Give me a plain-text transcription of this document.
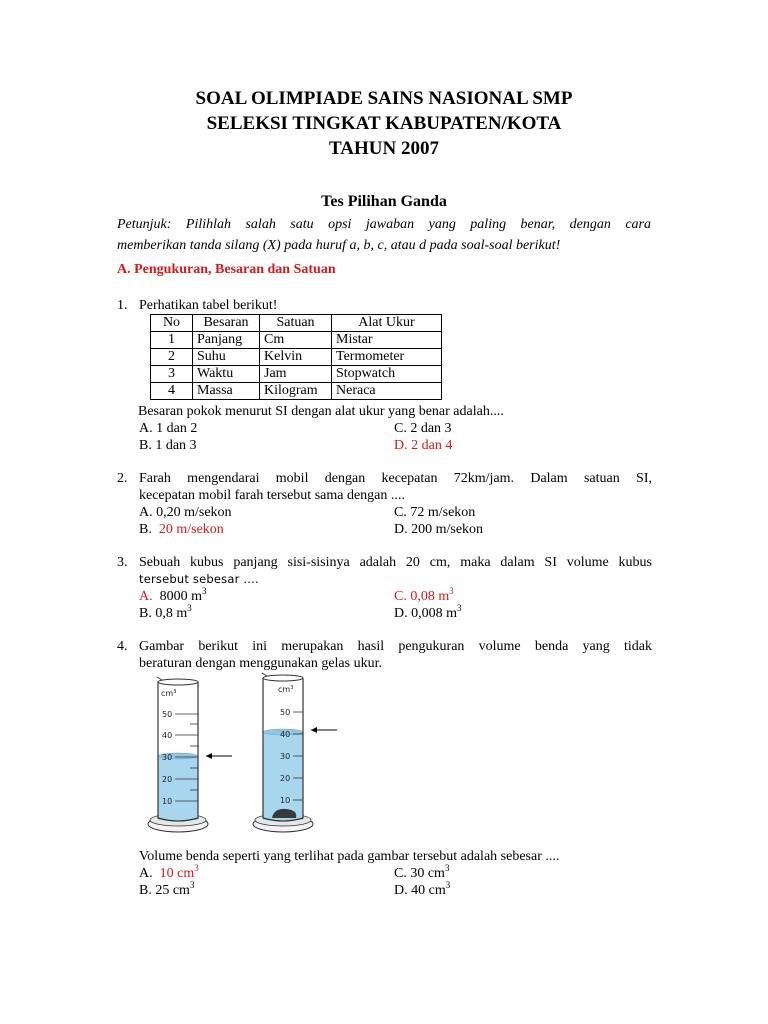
SOAL OLIMPIADE SAINS NASIONAL SMP
SELEKSI TINGKAT KABUPATEN/KOTA
TAHUN 2007
Tes Pilihan Ganda
Petunjuk: Pilihlah salah satu opsi jawaban yang paling benar, dengan cara
memberikan tanda silang (X) pada huruf a, b, c, atau d pada soal-soal berikut!
A. Pengukuran, Besaran dan Satuan
1. Perhatikan tabel berikut!
No	Besaran	Satuan	Alat Ukur
1	Panjang	Cm	Mistar
2	Suhu	Kelvin	Termometer
3	Waktu	Jam	Stopwatch
4	Massa	Kilogram	Neraca
Besaran pokok menurut SI dengan alat ukur yang benar adalah....
A. 1 dan 2	C. 2 dan 3
B. 1 dan 3	D. 2 dan 4
2. Farah mengendarai mobil dengan kecepatan 72km/jam. Dalam satuan SI,
kecepatan mobil farah tersebut sama dengan ....
A. 0,20 m/sekon	C. 72 m/sekon
B. 20 m/sekon	D. 200 m/sekon
3. Sebuah kubus panjang sisi-sisinya adalah 20 cm, maka dalam SI volume kubus
tersebut sebesar ....
A. 8000 $m^3$	C. 0,08 $m^3$
B. 0,8 $m^3$	D. 0,008 $m^3$
4. Gambar berikut ini merupakan hasil pengukuran volume benda yang tidak
beraturan dengan menggunakan gelas ukur.
$cm^3$
50
40
30
20
10
$cm^3$
50
40
30
20
10
Volume benda seperti yang terlihat pada gambar tersebut adalah sebesar ....
A. 10 $cm^3$	C. 30 $cm^3$
B. 25 $cm^3$	D. 40 $cm^3$
